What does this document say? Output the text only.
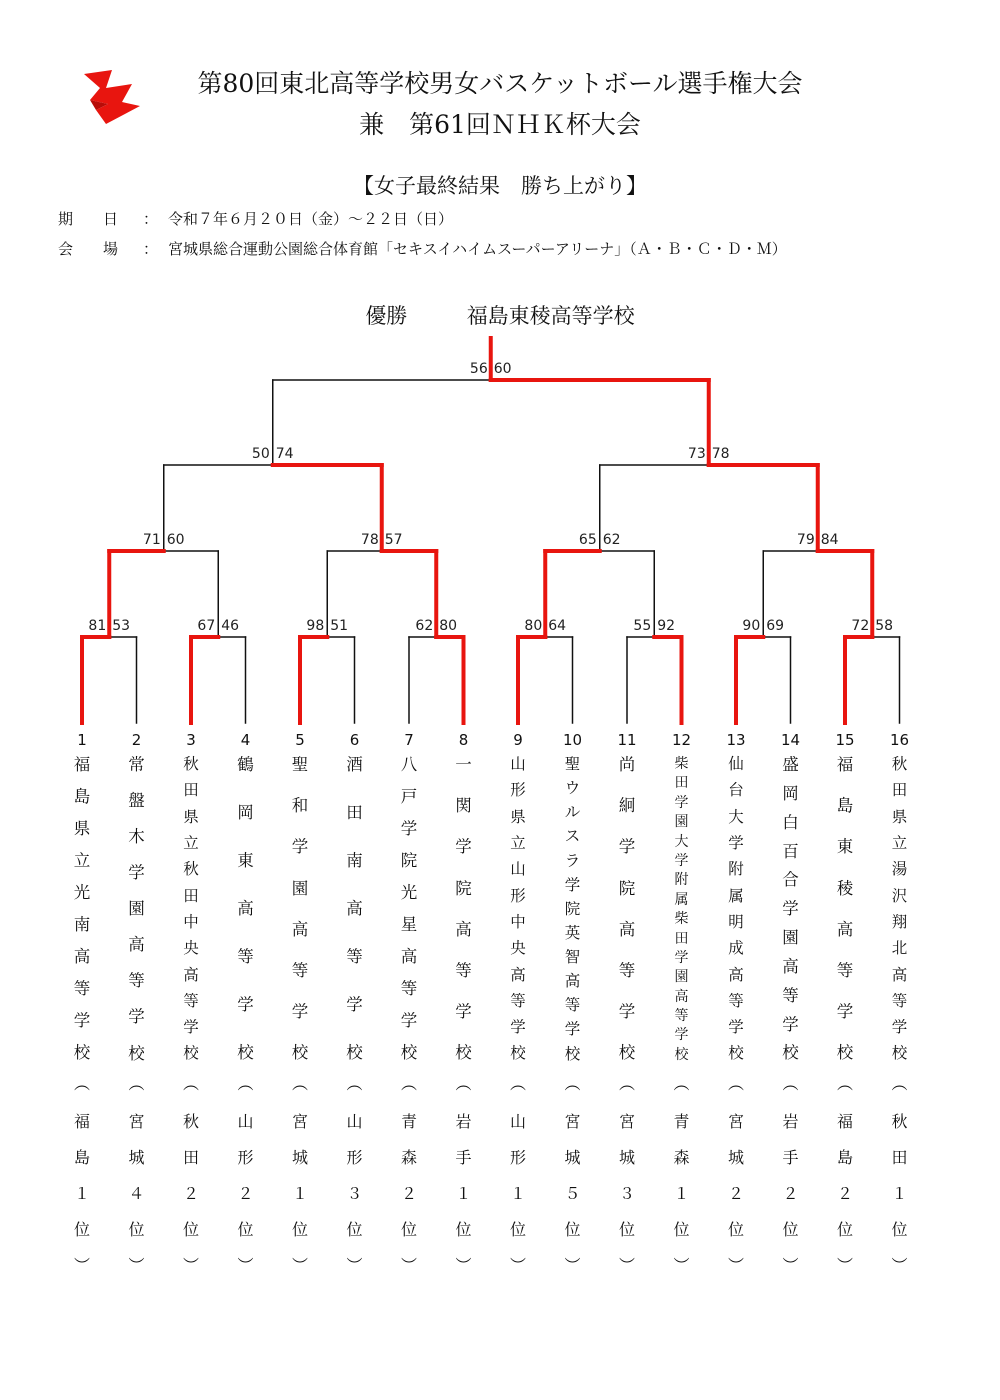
第80回東北高等学校男女バスケットボール選手権大会
兼　第61回ＮＨＫ杯大会
【女子最終結果　勝ち上がり】
期　　日 ： 令和７年６月２０日（金）～２２日（日）
会　　場 ： 宮城県総合運動公園総合体育館「セキスイハイムスーパーアリーナ」（Ａ・Ｂ・Ｃ・Ｄ・Ｍ）
優勝	福島東稜高等学校
81 53	67 46	98 51	62 80	80 64	55 92	90 69	72 58
71 60	78 57	65 62	79 84
50 74	73 78
56 60
1
福
島
県
立
光
南
高
等
学
校
︵
福
島
１
位
︶
2
常
盤
木
学
園
高
等
学
校
︵
宮
城
４
位
︶
3
秋
田
県
立
秋
田
中
央
高
等
学
校
︵
秋
田
２
位
︶
4
鶴
岡
東
高
等
学
校
︵
山
形
２
位
︶
5
聖
和
学
園
高
等
学
校
︵
宮
城
１
位
︶
6
酒
田
南
高
等
学
校
︵
山
形
３
位
︶
7
八
戸
学
院
光
星
高
等
学
校
︵
青
森
２
位
︶
8
一
関
学
院
高
等
学
校
︵
岩
手
１
位
︶
9
山
形
県
立
山
形
中
央
高
等
学
校
︵
山
形
１
位
︶
10
聖
ウ
ル
ス
ラ
学
院
英
智
高
等
学
校
︵
宮
城
５
位
︶
11
尚
絅
学
院
高
等
学
校
︵
宮
城
３
位
︶
12
柴
田
学
園
大
学
附
属
柴
田
学
園
高
等
学
校
︵
青
森
１
位
︶
13
仙
台
大
学
附
属
明
成
高
等
学
校
︵
宮
城
２
位
︶
14
盛
岡
白
百
合
学
園
高
等
学
校
︵
岩
手
２
位
︶
15
福
島
東
稜
高
等
学
校
︵
福
島
２
位
︶
16
秋
田
県
立
湯
沢
翔
北
高
等
学
校
︵
秋
田
１
位
︶
